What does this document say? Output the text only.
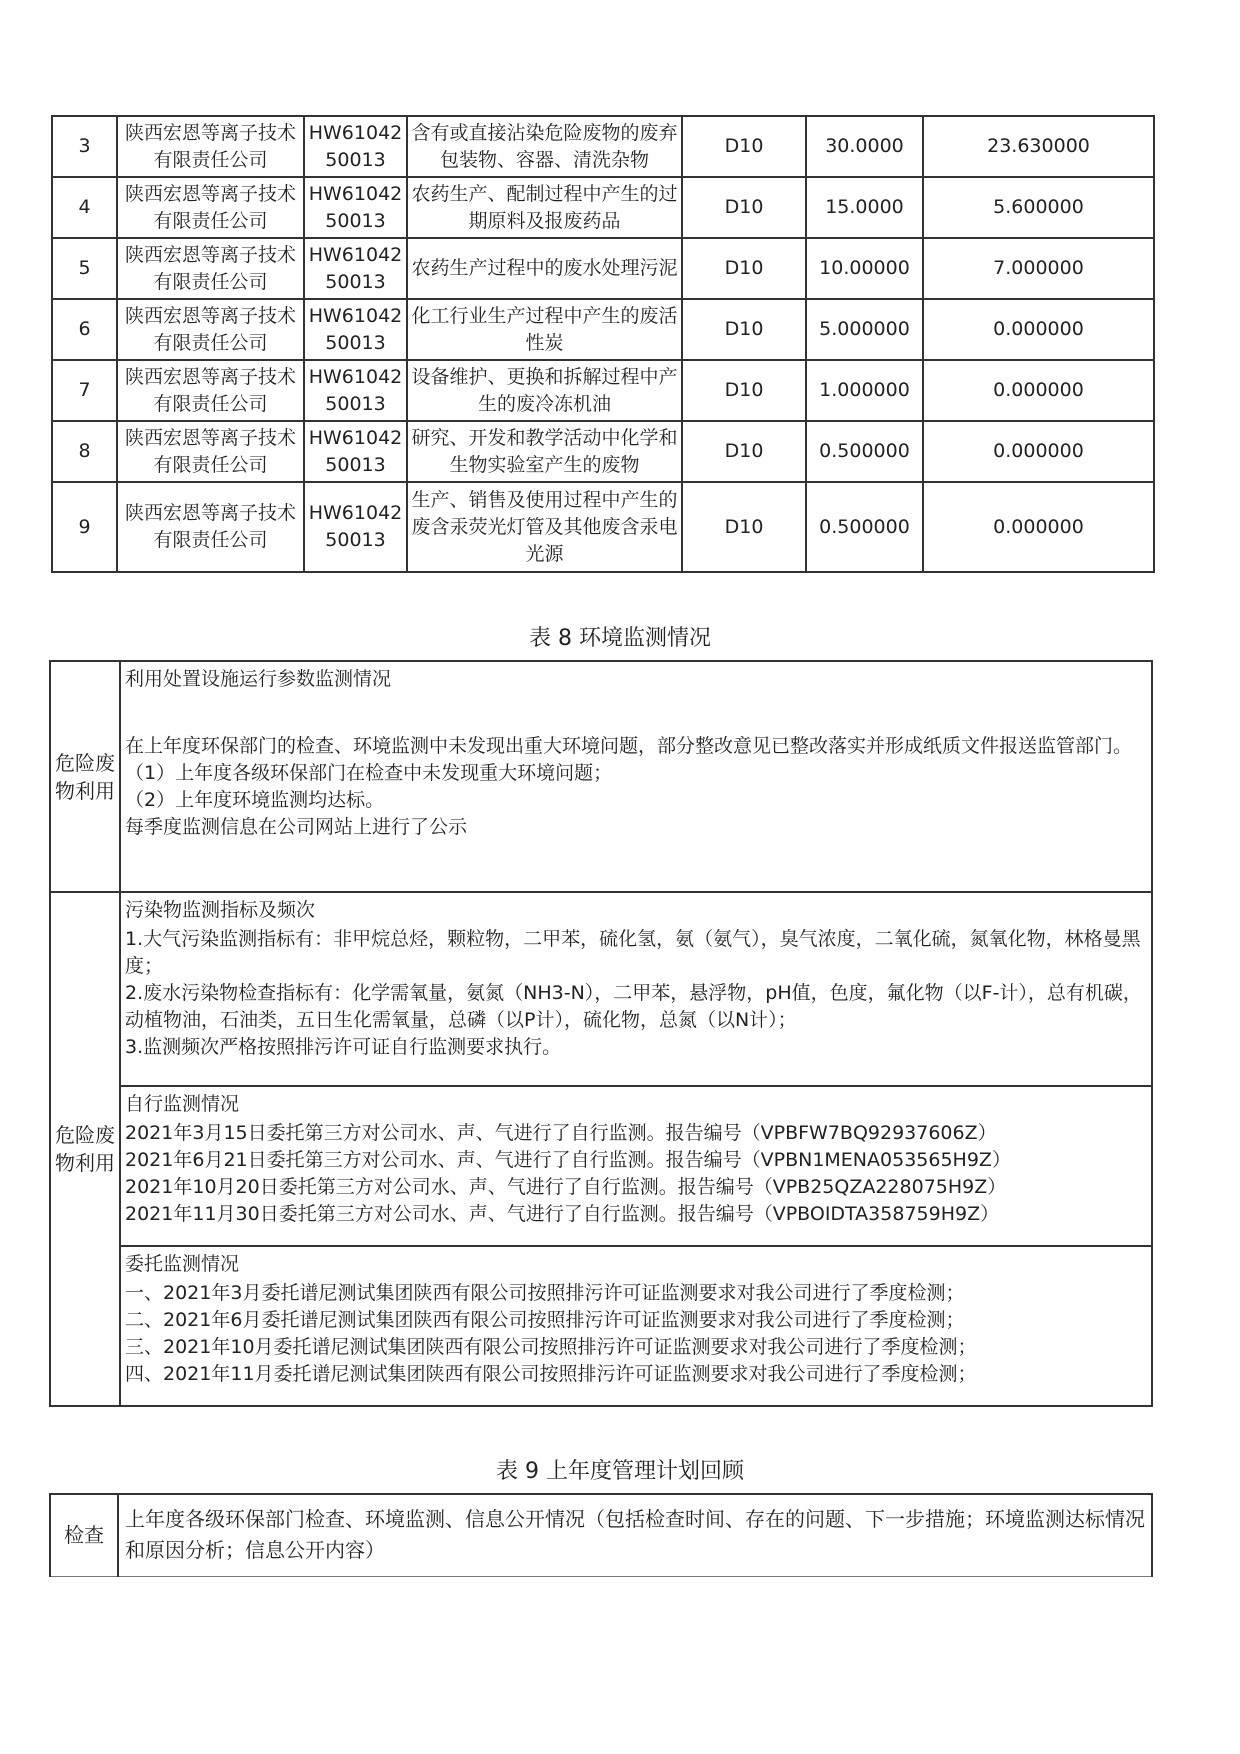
3	陕西宏恩等离子技术有限责任公司	HW6104250013	含有或直接沾染危险废物的废弃包装物、容器、清洗杂物	D10	30.0000	23.630000
4	陕西宏恩等离子技术有限责任公司	HW6104250013	农药生产、配制过程中产生的过期原料及报废药品	D10	15.0000	5.600000
5	陕西宏恩等离子技术有限责任公司	HW6104250013	农药生产过程中的废水处理污泥	D10	10.00000	7.000000
6	陕西宏恩等离子技术有限责任公司	HW6104250013	化工行业生产过程中产生的废活性炭	D10	5.000000	0.000000
7	陕西宏恩等离子技术有限责任公司	HW6104250013	设备维护、更换和拆解过程中产生的废冷冻机油	D10	1.000000	0.000000
8	陕西宏恩等离子技术有限责任公司	HW6104250013	研究、开发和教学活动中化学和生物实验室产生的废物	D10	0.500000	0.000000
9	陕西宏恩等离子技术有限责任公司	HW6104250013	生产、销售及使用过程中产生的废含汞荧光灯管及其他废含汞电光源	D10	0.500000	0.000000
表 8 环境监测情况
危险废物利用	利用处置设施运行参数监测情况
在上年度环保部门的检查、环境监测中未发现出重大环境问题，部分整改意见已整改落实并形成纸质文件报送监管部门。
（1）上年度各级环保部门在检查中未发现重大环境问题；
（2）上年度环境监测均达标。
每季度监测信息在公司网站上进行了公示

危险废物利用	污染物监测指标及频次
1.大气污染监测指标有：非甲烷总烃，颗粒物，二甲苯，硫化氢，氨（氨气），臭气浓度，二氧化硫，氮氧化物，林格曼黑度；
2.废水污染物检查指标有：化学需氧量，氨氮（NH3-N），二甲苯，悬浮物，pH值，色度，氟化物（以F-计），总有机碳，动植物油，石油类，五日生化需氧量，总磷（以P计），硫化物，总氮（以N计）；
3.监测频次严格按照排污许可证自行监测要求执行。

	自行监测情况
2021年3月15日委托第三方对公司水、声、气进行了自行监测。报告编号（VPBFW7BQ92937606Z）
2021年6月21日委托第三方对公司水、声、气进行了自行监测。报告编号（VPBN1MENA053565H9Z）
2021年10月20日委托第三方对公司水、声、气进行了自行监测。报告编号（VPB25QZA228075H9Z）
2021年11月30日委托第三方对公司水、声、气进行了自行监测。报告编号（VPBOIDTA358759H9Z）

	委托监测情况
一、2021年3月委托谱尼测试集团陕西有限公司按照排污许可证监测要求对我公司进行了季度检测；
二、2021年6月委托谱尼测试集团陕西有限公司按照排污许可证监测要求对我公司进行了季度检测；
三、2021年10月委托谱尼测试集团陕西有限公司按照排污许可证监测要求对我公司进行了季度检测；
四、2021年11月委托谱尼测试集团陕西有限公司按照排污许可证监测要求对我公司进行了季度检测；
表 9 上年度管理计划回顾
检查	上年度各级环保部门检查、环境监测、信息公开情况（包括检查时间、存在的问题、下一步措施；环境监测达标情况和原因分析；信息公开内容）
